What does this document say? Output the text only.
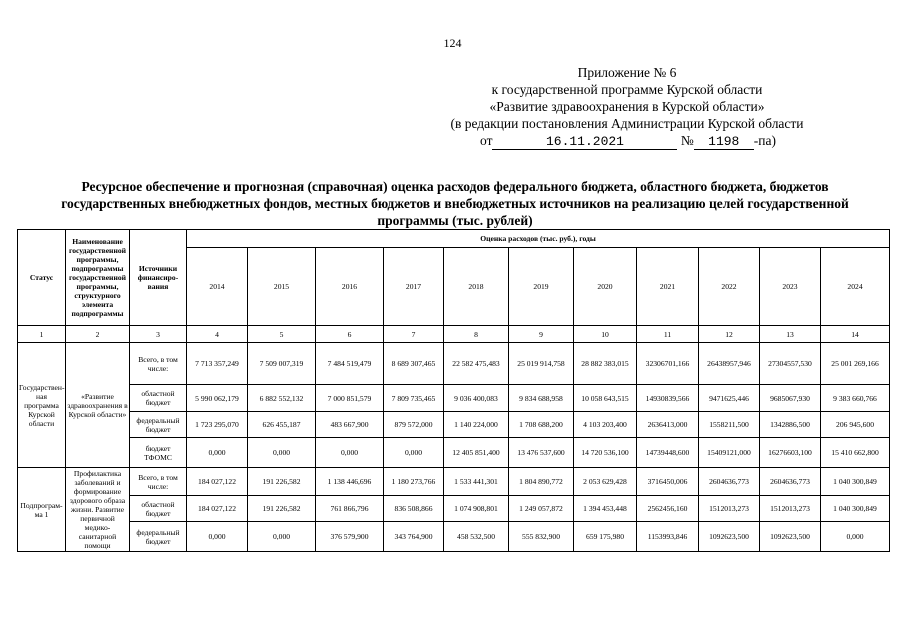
124
Приложение № 6
к государственной программе Курской области
«Развитие здравоохранения в Курской области»
(в редакции постановления Администрации Курской области
от	16.11.2021	№ 1198 -па)
Ресурсное обеспечение и прогнозная (справочная) оценка расходов федерального бюджета, областного бюджета, бюджетов государственных внебюджетных фондов, местных бюджетов и внебюджетных источников на реализацию целей государственной программы (тыс. рублей)
Статус	Наименование государственной программы, подпрограммы государственной программы, структурного элемента подпрограммы	Источники финансиро-вания	Оценка расходов (тыс. руб.), годы										
			2014	2015	2016	2017	2018	2019	2020	2021	2022	2023	2024
1	2	3	4	5	6	7	8	9	10	11	12	13	14
Государствен-ная программа Курской области	«Развитие здравоохранения в Курской области»	Всего, в том числе:	7 713 357,249	7 509 007,319	7 484 519,479	8 689 307,465	22 582 475,483	25 019 914,758	28 882 383,015	32306701,166	26438957,946	27304557,530	25 001 269,166
		областной бюджет	5 990 062,179	6 882 552,132	7 000 851,579	7 809 735,465	9 036 400,083	9 834 688,958	10 058 643,515	14930839,566	9471625,446	9685067,930	9 383 660,766
		федеральный бюджет	1 723 295,070	626 455,187	483 667,900	879 572,000	1 140 224,000	1 708 688,200	4 103 203,400	2636413,000	1558211,500	1342886,500	206 945,600
		бюджет ТФОМС	0,000	0,000	0,000	0,000	12 405 851,400	13 476 537,600	14 720 536,100	14739448,600	15409121,000	16276603,100	15 410 662,800
Подпрограм-ма 1	Профилактика заболеваний и формирование здорового образа жизни. Развитие первичной медико-санитарной помощи	Всего, в том числе:	184 027,122	191 226,582	1 138 446,696	1 180 273,766	1 533 441,301	1 804 890,772	2 053 629,428	3716450,006	2604636,773	2604636,773	1 040 300,849
		областной бюджет	184 027,122	191 226,582	761 866,796	836 508,866	1 074 908,801	1 249 057,872	1 394 453,448	2562456,160	1512013,273	1512013,273	1 040 300,849
		федеральный бюджет	0,000	0,000	376 579,900	343 764,900	458 532,500	555 832,900	659 175,980	1153993,846	1092623,500	1092623,500	0,000
